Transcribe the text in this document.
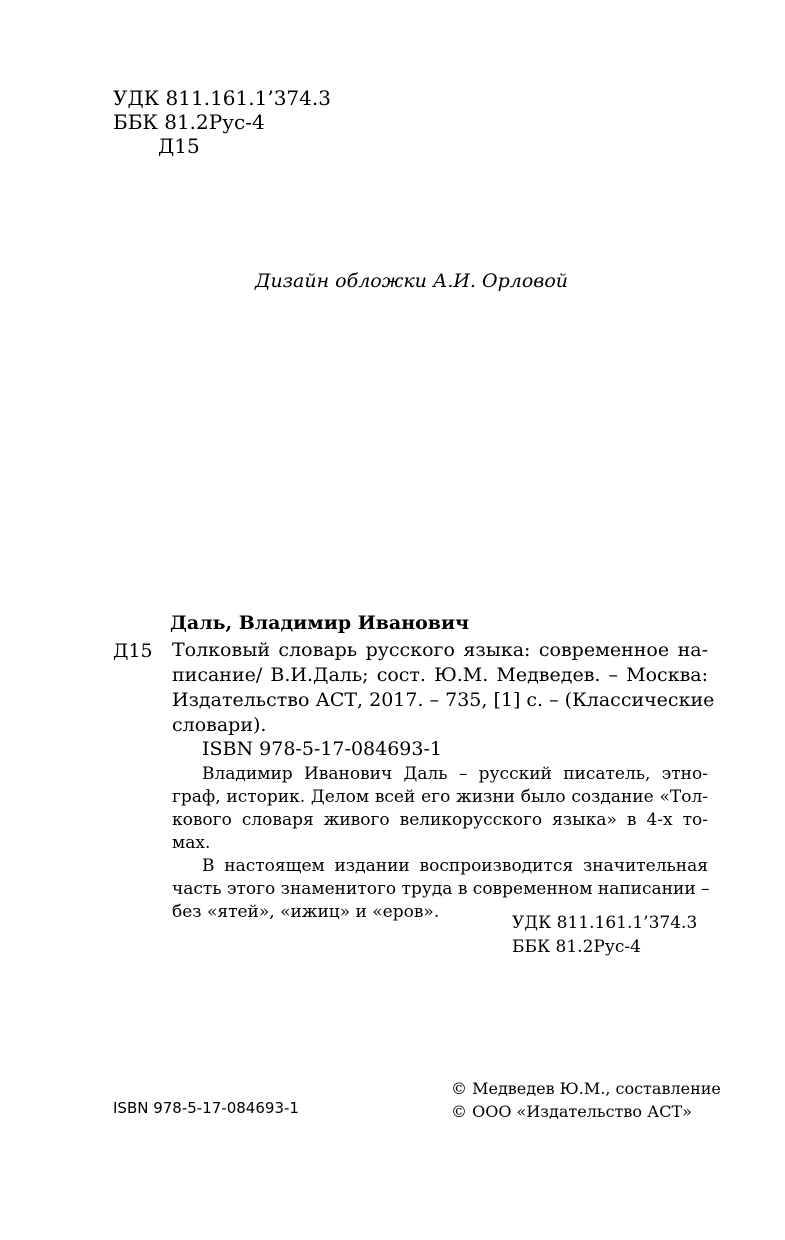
УДК 811.161.1’374.3
ББК 81.2Рус-4
Д15
Дизайн обложки А.И. Орловой
Даль, Владимир Иванович
Д15 Толковый словарь русского языка: современное на-

писание/ В.И.Даль; сост. Ю.М. Медведев. – Москва:

Издательство АСТ, 2017. – 735, [1] с. – (Классические

словари).

ISBN 978-5-17-084693-1

Владимир Иванович Даль – русский писатель, этно-

граф, историк. Делом всей его жизни было создание «Тол-

кового словаря живого великорусского языка» в 4-х то-

мах.

В настоящем издании воспроизводится значительная

часть этого знаменитого труда в современном написании –

без «ятей», «ижиц» и «еров».

УДК 811.161.1’374.3
ББК 81.2Рус-4
ISBN 978-5-17-084693-1
© Медведев Ю.М., составление
© ООО «Издательство АСТ»
